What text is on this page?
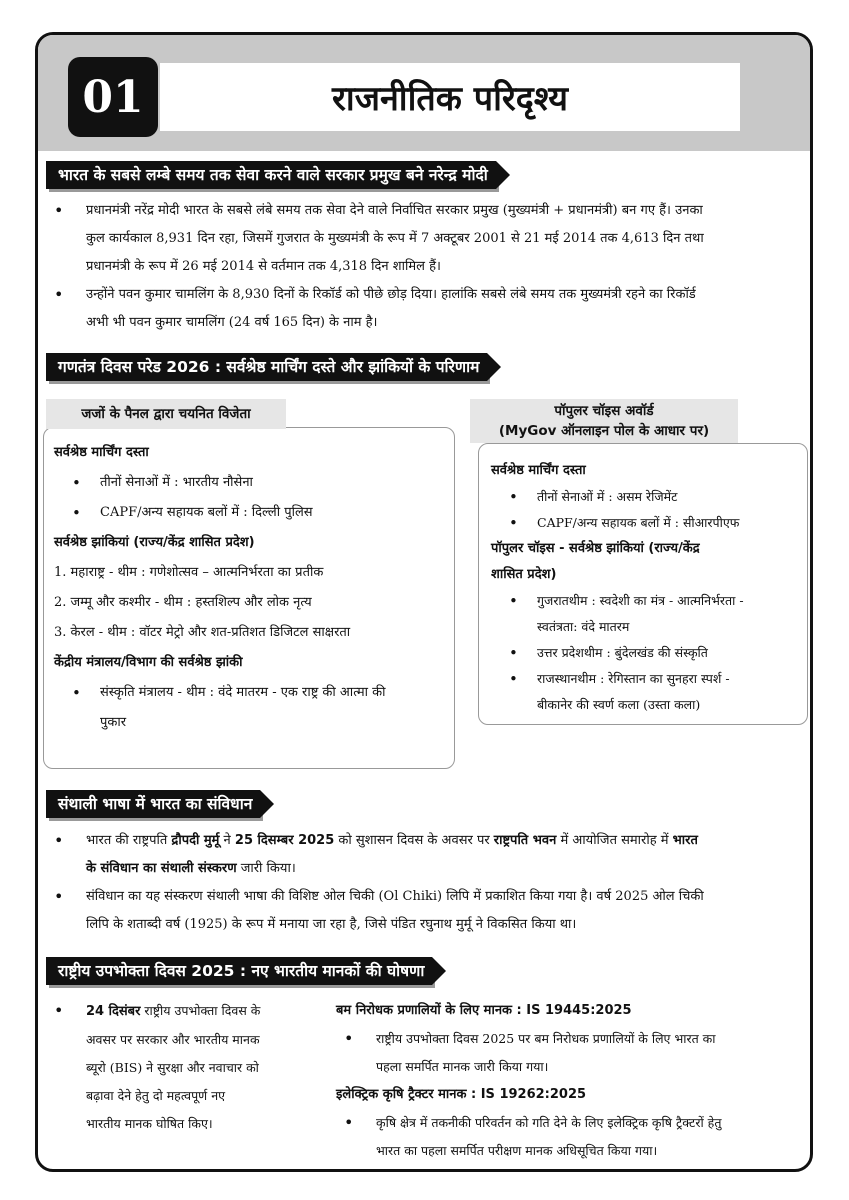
01	राजनीतिक परिदृश्य
भारत के सबसे लम्बे समय तक सेवा करने वाले सरकार प्रमुख बने नरेन्द्र मोदी
• प्रधानमंत्री नरेंद्र मोदी भारत के सबसे लंबे समय तक सेवा देने वाले निर्वाचित सरकार प्रमुख (मुख्यमंत्री + प्रधानमंत्री) बन गए हैं। उनका
कुल कार्यकाल 8,931 दिन रहा, जिसमें गुजरात के मुख्यमंत्री के रूप में 7 अक्टूबर 2001 से 21 मई 2014 तक 4,613 दिन तथा
प्रधानमंत्री के रूप में 26 मई 2014 से वर्तमान तक 4,318 दिन शामिल हैं।
• उन्होंने पवन कुमार चामलिंग के 8,930 दिनों के रिकॉर्ड को पीछे छोड़ दिया। हालांकि सबसे लंबे समय तक मुख्यमंत्री रहने का रिकॉर्ड
अभी भी पवन कुमार चामलिंग (24 वर्ष 165 दिन) के नाम है।
गणतंत्र दिवस परेड 2026 : सर्वश्रेष्ठ मार्चिंग दस्ते और झांकियों के परिणाम
सर्वश्रेष्ठ मार्चिंग दस्ता
• तीनों सेनाओं में : भारतीय नौसेना
• CAPF/अन्य सहायक बलों में : दिल्ली पुलिस
सर्वश्रेष्ठ झांकियां (राज्य/केंद्र शासित प्रदेश)
1. महाराष्ट्र - थीम : गणेशोत्सव – आत्मनिर्भरता का प्रतीक
2. जम्मू और कश्मीर - थीम : हस्तशिल्प और लोक नृत्य
3. केरल - थीम : वॉटर मेट्रो और शत-प्रतिशत डिजिटल साक्षरता
केंद्रीय मंत्रालय/विभाग की सर्वश्रेष्ठ झांकी
• संस्कृति मंत्रालय - थीम : वंदे मातरम - एक राष्ट्र की आत्मा की
पुकार
जजों के पैनल द्वारा चयनित विजेता
सर्वश्रेष्ठ मार्चिंग दस्ता
• तीनों सेनाओं में : असम रेजिमेंट
• CAPF/अन्य सहायक बलों में : सीआरपीएफ
पॉपुलर चॉइस - सर्वश्रेष्ठ झांकियां (राज्य/केंद्र
शासित प्रदेश)
• गुजरातथीम : स्वदेशी का मंत्र - आत्मनिर्भरता -
स्वतंत्रता: वंदे मातरम
• उत्तर प्रदेशथीम : बुंदेलखंड की संस्कृति
• राजस्थानथीम : रेगिस्तान का सुनहरा स्पर्श -
बीकानेर की स्वर्ण कला (उस्ता कला)
पॉपुलर चॉइस अवॉर्ड
(MyGov ऑनलाइन पोल के आधार पर)
संथाली भाषा में भारत का संविधान
• भारत की राष्ट्रपति द्रौपदी मुर्मू ने 25 दिसम्बर 2025 को सुशासन दिवस के अवसर पर राष्ट्रपति भवन में आयोजित समारोह में भारत
के संविधान का संथाली संस्करण जारी किया।
• संविधान का यह संस्करण संथाली भाषा की विशिष्ट ओल चिकी (Ol Chiki) लिपि में प्रकाशित किया गया है। वर्ष 2025 ओल चिकी
लिपि के शताब्दी वर्ष (1925) के रूप में मनाया जा रहा है, जिसे पंडित रघुनाथ मुर्मू ने विकसित किया था।
राष्ट्रीय उपभोक्ता दिवस 2025 : नए भारतीय मानकों की घोषणा
• 24 दिसंबर राष्ट्रीय उपभोक्ता दिवस के
अवसर पर सरकार और भारतीय मानक
ब्यूरो (BIS) ने सुरक्षा और नवाचार को
बढ़ावा देने हेतु दो महत्वपूर्ण नए
भारतीय मानक घोषित किए।
बम निरोधक प्रणालियों के लिए मानक : IS 19445:2025
• राष्ट्रीय उपभोक्ता दिवस 2025 पर बम निरोधक प्रणालियों के लिए भारत का
पहला समर्पित मानक जारी किया गया।
इलेक्ट्रिक कृषि ट्रैक्टर मानक : IS 19262:2025
• कृषि क्षेत्र में तकनीकी परिवर्तन को गति देने के लिए इलेक्ट्रिक कृषि ट्रैक्टरों हेतु
भारत का पहला समर्पित परीक्षण मानक अधिसूचित किया गया।
